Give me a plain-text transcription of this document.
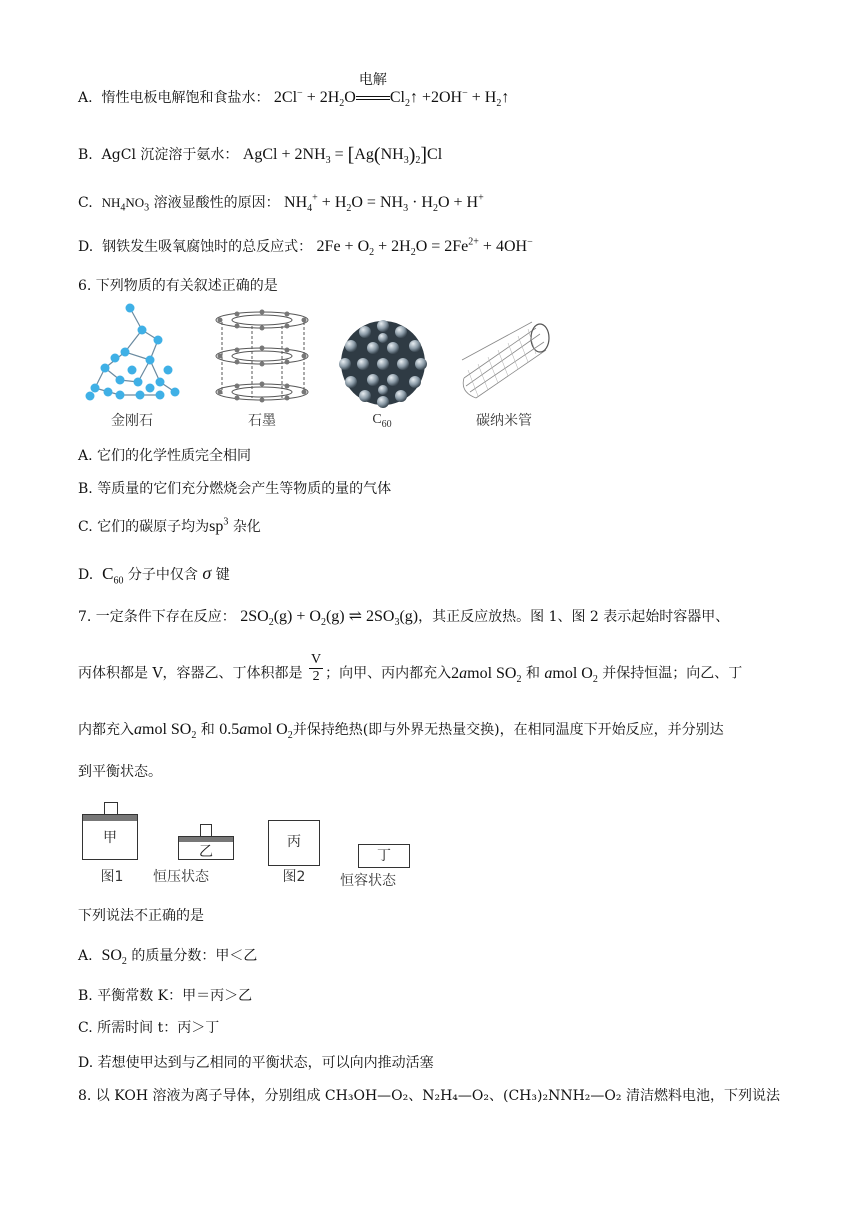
A. 惰性电板电解饱和食盐水： $2Cl^- + 2H_2O$
电解
$Cl_2↑ +2OH^-$ + $H_2↑$
B. AgCl 沉淀溶于氨水： AgCl + $2NH_3 = [Ag(NH_3)_2]Cl$
C. $NH_4NO_3$ 溶液显酸性的原因： $NH_4^+ + H_2O = NH_3 \cdot H_2O + H^+$
D. 钢铁发生吸氧腐蚀时的总反应式： $2Fe + O_2 + 2H_2O = 2Fe^{2+} + 4OH^-$
6. 下列物质的有关叙述正确的是
金刚石	石墨	$C_{60}$	碳纳米管
A. 它们的化学性质完全相同
B. 等质量的它们充分燃烧会产生等物质的量的气体
C. 它们的碳原子均为$sp^3$ 杂化
D. $C_{60}$ 分子中仅含 σ 键
7. 一定条件下存在反应： $2SO_2(g) + O_2(g)$ ⇌ $2SO_3(g)$，其正反应放热。图 1、图 2 表示起始时容器甲、
丙体积都是 V，容器乙、丁体积都是 $\frac{V}{2}$ ；向甲、丙内都充入2amol $SO_2$ 和 amol $O_2$ 并保持恒温；向乙、丁
内都充入amol $SO_2$ 和 0.5amol $O_2$并保持绝热(即与外界无热量交换)，在相同温度下开始反应，并分别达
到平衡状态。
甲
乙
丙
丁
图1	恒压状态	图2	恒容状态
下列说法不正确的是
A. $SO_2$ 的质量分数：甲＜乙
B. 平衡常数 K：甲＝丙＞乙
C. 所需时间 t：丙＞丁
D. 若想使甲达到与乙相同的平衡状态，可以向内推动活塞
8. 以 KOH 溶液为离子导体，分别组成 CH₃OH—O₂、N₂H₄—O₂、(CH₃)₂NNH₂—O₂ 清洁燃料电池，下列说法
